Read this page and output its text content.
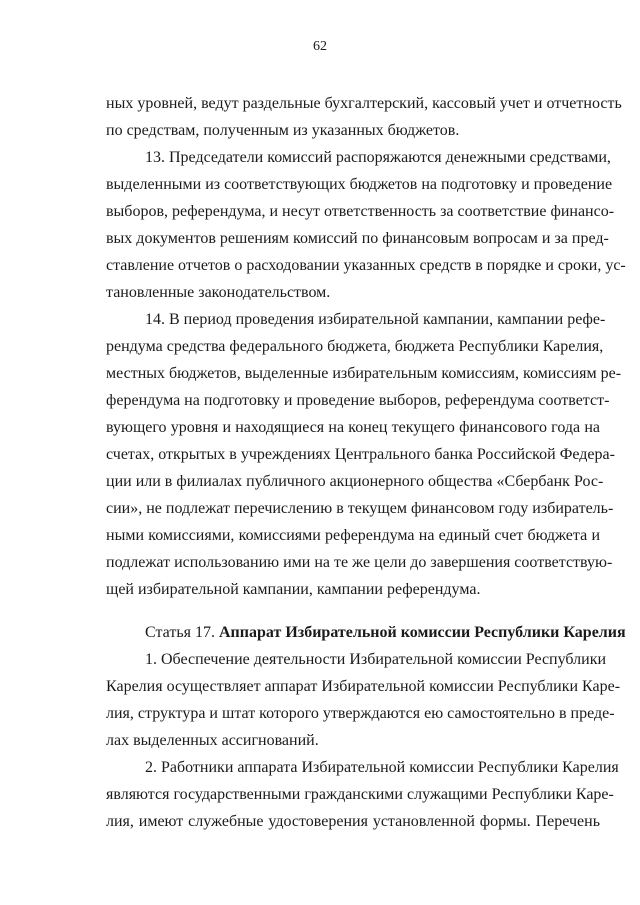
62
ных уровней, ведут раздельные бухгалтерский, кассовый учет и отчетность
по средствам, полученным из указанных бюджетов.
13. Председатели комиссий распоряжаются денежными средствами,
выделенными из соответствующих бюджетов на подготовку и проведение
выборов, референдума, и несут ответственность за соответствие финансо-
вых документов решениям комиссий по финансовым вопросам и за пред-
ставление отчетов о расходовании указанных средств в порядке и сроки, ус-
тановленные законодательством.
14. В период проведения избирательной кампании, кампании рефе-
рендума средства федерального бюджета, бюджета Республики Карелия,
местных бюджетов, выделенные избирательным комиссиям, комиссиям ре-
ферендума на подготовку и проведение выборов, референдума соответст-
вующего уровня и находящиеся на конец текущего финансового года на
счетах, открытых в учреждениях Центрального банка Российской Федера-
ции или в филиалах публичного акционерного общества «Сбербанк Рос-
сии», не подлежат перечислению в текущем финансовом году избиратель-
ными комиссиями, комиссиями референдума на единый счет бюджета и
подлежат использованию ими на те же цели до завершения соответствую-
щей избирательной кампании, кампании референдума.
Статья 17. Аппарат Избирательной комиссии Республики Карелия
1. Обеспечение деятельности Избирательной комиссии Республики
Карелия осуществляет аппарат Избирательной комиссии Республики Каре-
лия, структура и штат которого утверждаются ею самостоятельно в преде-
лах выделенных ассигнований.
2. Работники аппарата Избирательной комиссии Республики Карелия
являются государственными гражданскими служащими Республики Каре-
лия, имеют служебные удостоверения установленной формы. Перечень
